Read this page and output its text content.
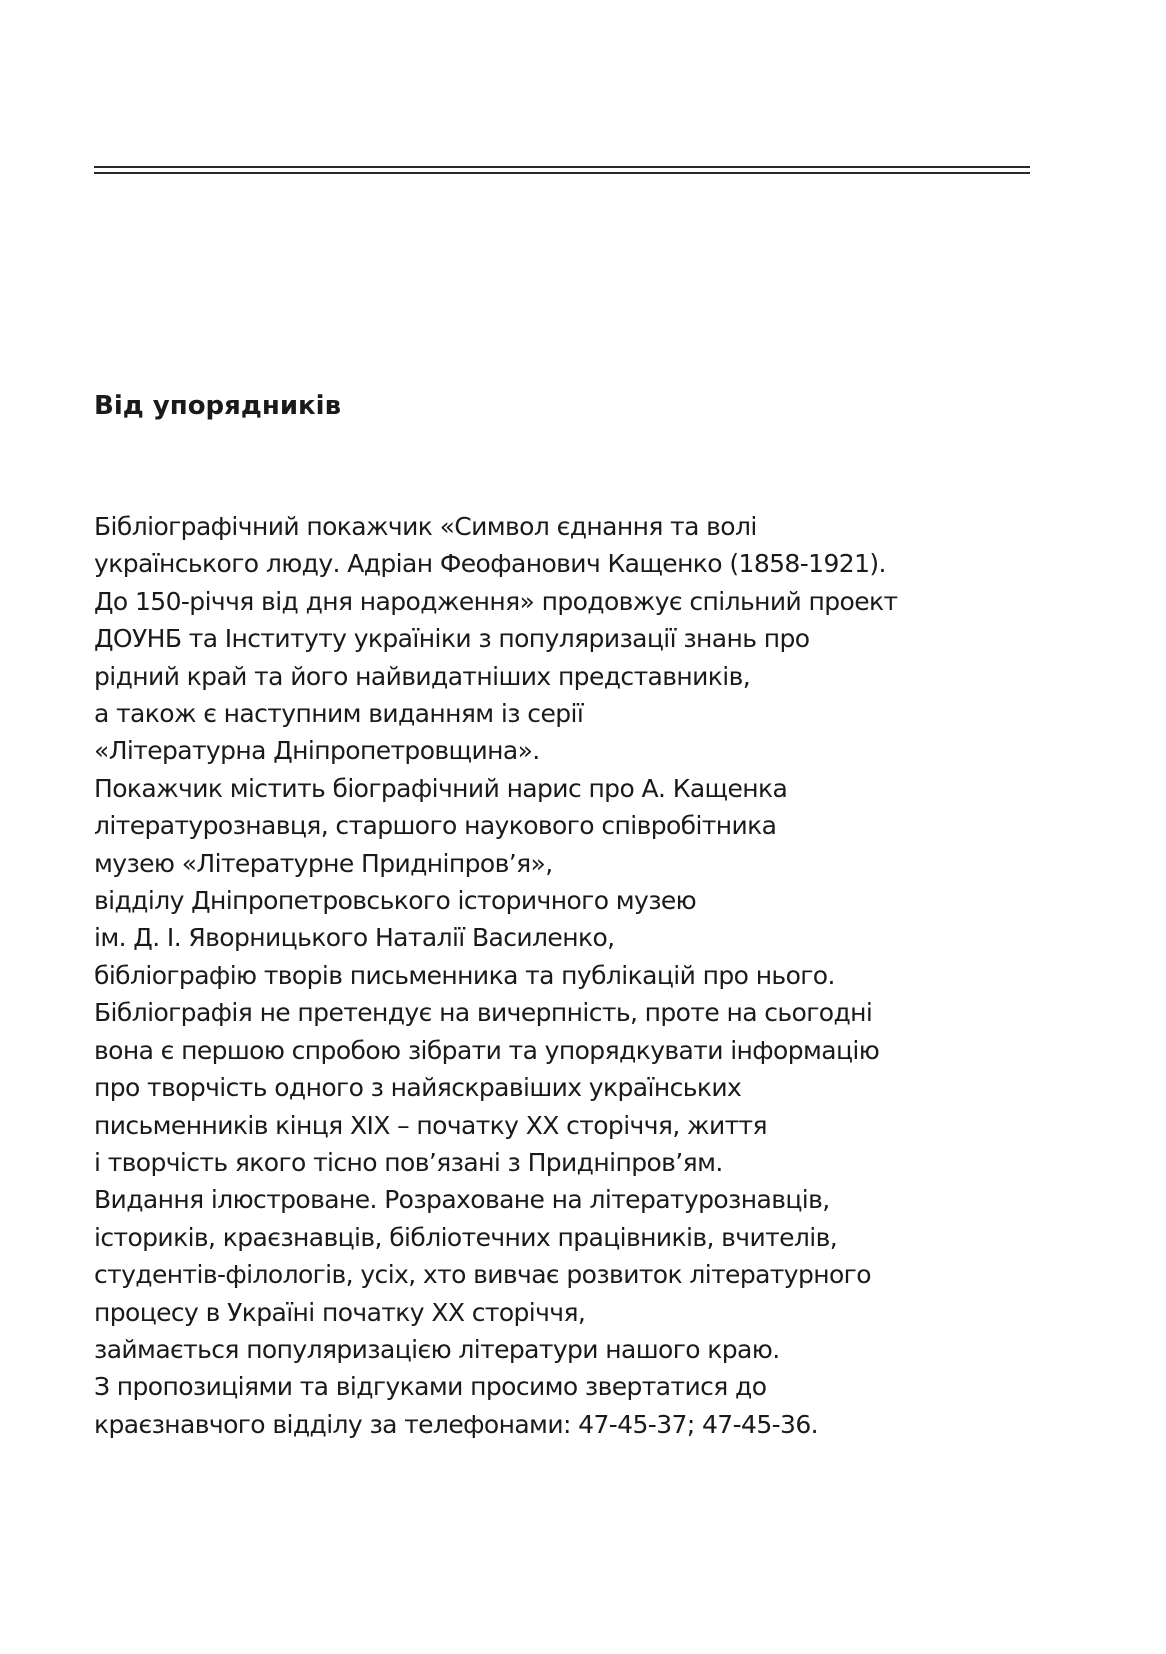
Від упорядників
Бібліографічний покажчик «Символ єднання та волі
українського люду. Адріан Феофанович Кащенко (1858-1921).
До 150-річчя від дня народження» продовжує спільний проект
ДОУНБ та Інституту україніки з популяризації знань про
рідний край та його найвидатніших представників,
а також є наступним виданням із серії
«Літературна Дніпропетровщина».
Покажчик містить біографічний нарис про А. Кащенка
літературознавця, старшого наукового співробітника
музею «Літературне Придніпров’я»,
відділу Дніпропетровського історичного музею
ім. Д. І. Яворницького Наталії Василенко,
бібліографію творів письменника та публікацій про нього.
Бібліографія не претендує на вичерпність, проте на сьогодні
вона є першою спробою зібрати та упорядкувати інформацію
про творчість одного з найяскравіших українських
письменників кінця ХІХ – початку ХХ сторіччя, життя
і творчість якого тісно пов’язані з Придніпров’ям.
Видання ілюстроване. Розраховане на літературознавців,
істориків, краєзнавців, бібліотечних працівників, вчителів,
студентів-філологів, усіх, хто вивчає розвиток літературного
процесу в Україні початку ХХ сторіччя,
займається популяризацією літератури нашого краю.
З пропозиціями та відгуками просимо звертатися до
краєзнавчого відділу за телефонами: 47-45-37; 47-45-36.
